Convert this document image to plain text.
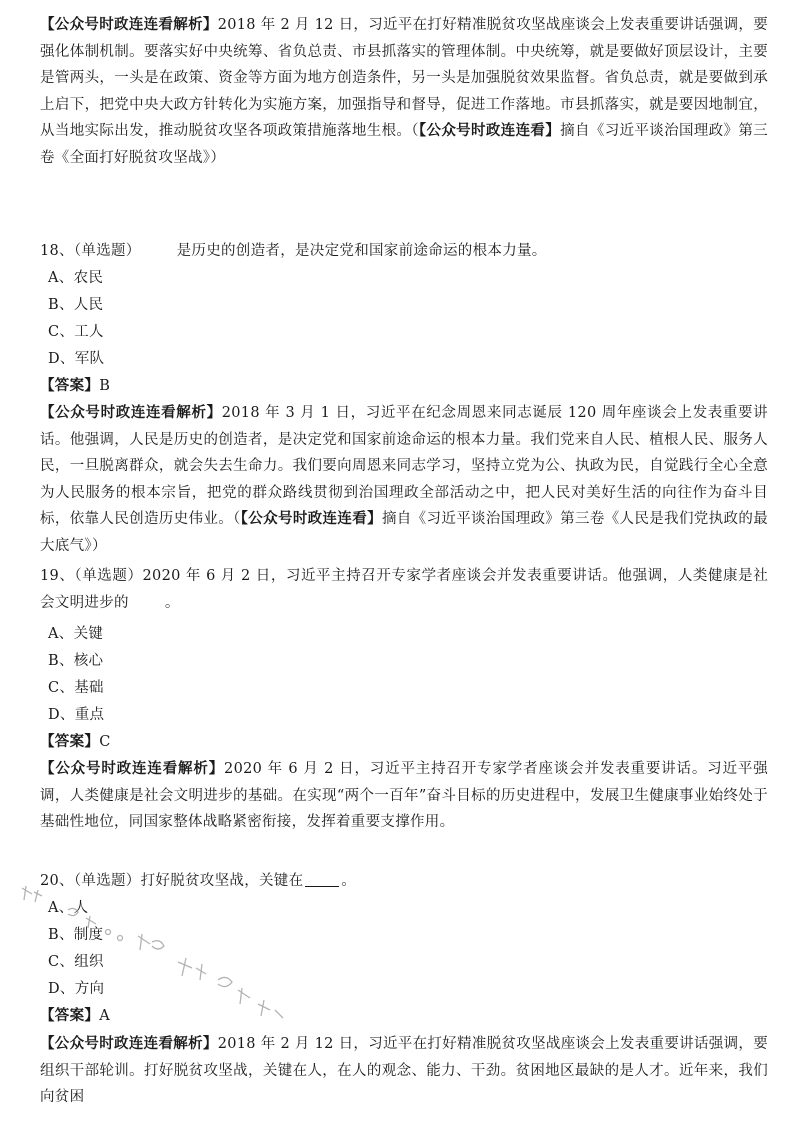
【公众号时政连连看解析】2018 年 2 月 12 日，习近平在打好精准脱贫攻坚战座谈会上发表重要讲话强调，要强化体制机制。要落实好中央统筹、省负总责、市县抓落实的管理体制。中央统筹，就是要做好顶层设计，主要是管两头，一头是在政策、资金等方面为地方创造条件，另一头是加强脱贫效果监督。省负总责，就是要做到承上启下，把党中央大政方针转化为实施方案，加强指导和督导，促进工作落地。市县抓落实，就是要因地制宜，从当地实际出发，推动脱贫攻坚各项政策措施落地生根。（【公众号时政连连看】摘自《习近平谈治国理政》第三卷《全面打好脱贫攻坚战》）

18、（单选题） 是历史的创造者，是决定党和国家前途命运的根本力量。
A、农民
B、人民
C、工人
D、军队
【答案】B

【公众号时政连连看解析】2018 年 3 月 1 日，习近平在纪念周恩来同志诞辰 120 周年座谈会上发表重要讲话。他强调，人民是历史的创造者，是决定党和国家前途命运的根本力量。我们党来自人民、植根人民、服务人民，一旦脱离群众，就会失去生命力。我们要向周恩来同志学习，坚持立党为公、执政为民，自觉践行全心全意为人民服务的根本宗旨，把党的群众路线贯彻到治国理政全部活动之中，把人民对美好生活的向往作为奋斗目标，依靠人民创造历史伟业。（【公众号时政连连看】摘自《习近平谈治国理政》第三卷《人民是我们党执政的最大底气》）

19、（单选题）2020 年 6 月 2 日，习近平主持召开专家学者座谈会并发表重要讲话。他强调，人类健康是社会文明进步的 。

A、关键
B、核心
C、基础
D、重点
【答案】C

【公众号时政连连看解析】2020 年 6 月 2 日，习近平主持召开专家学者座谈会并发表重要讲话。习近平强调，人类健康是社会文明进步的基础。在实现“两个一百年”奋斗目标的历史进程中，发展卫生健康事业始终处于基础性地位，同国家整体战略紧密衔接，发挥着重要支撑作用。

20、（单选题）打好脱贫攻坚战，关键在	。
A、人
B、制度
C、组织
D、方向
【答案】A

【公众号时政连连看解析】2018 年 2 月 12 日，习近平在打好精准脱贫攻坚战座谈会上发表重要讲话强调，要组织干部轮训。打好脱贫攻坚战，关键在人，在人的观念、能力、干劲。贫困地区最缺的是人才。近年来，我们向贫困
